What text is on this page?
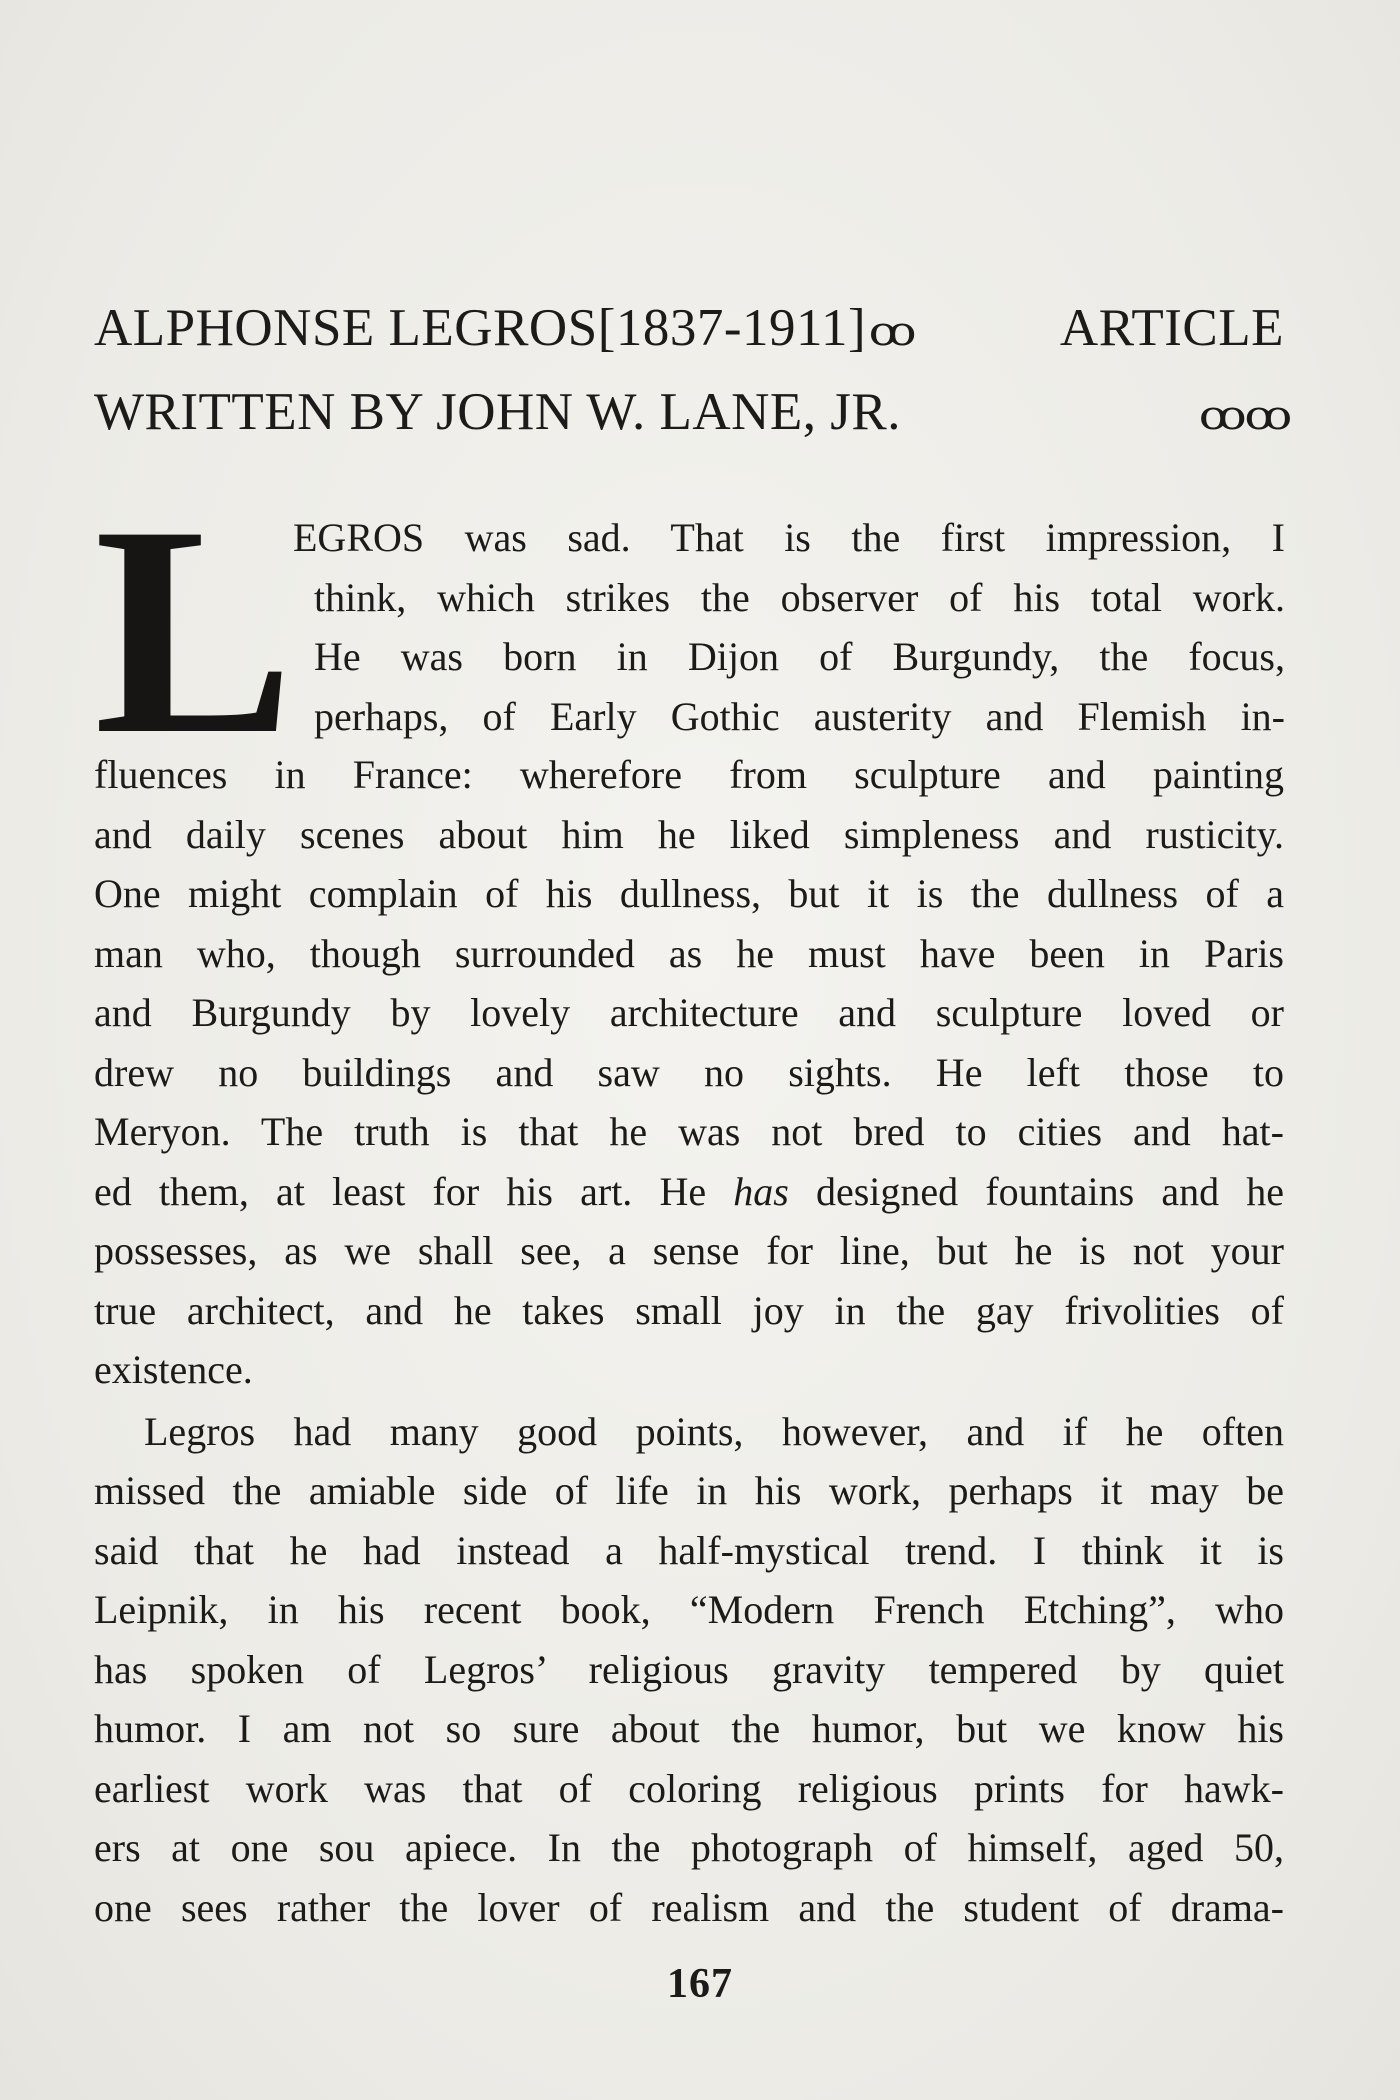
ALPHONSE LEGROS[1837-1911]ꝏ	ARTICLE
WRITTEN BY JOHN W. LANE, JR.	ꝏ ꝏ
L
EGROS was sad. That is the first impression, I
think, which strikes the observer of his total work.
He was born in Dijon of Burgundy, the focus,
perhaps, of Early Gothic austerity and Flemish in-

fluences in France: wherefore from sculpture and painting
and daily scenes about him he liked simpleness and rusticity.
One might complain of his dullness, but it is the dullness of a
man who, though surrounded as he must have been in Paris
and Burgundy by lovely architecture and sculpture loved or
drew no buildings and saw no sights. He left those to
Meryon. The truth is that he was not bred to cities and hat-
ed them, at least for his art. He has designed fountains and he
possesses, as we shall see, a sense for line, but he is not your
true architect, and he takes small joy in the gay frivolities of
existence.

Legros had many good points, however, and if he often
missed the amiable side of life in his work, perhaps it may be
said that he had instead a half-mystical trend. I think it is
Leipnik, in his recent book, “Modern French Etching”, who
has spoken of Legros’ religious gravity tempered by quiet
humor. I am not so sure about the humor, but we know his
earliest work was that of coloring religious prints for hawk-
ers at one sou apiece. In the photograph of himself, aged 50,
one sees rather the lover of realism and the student of drama-

167
